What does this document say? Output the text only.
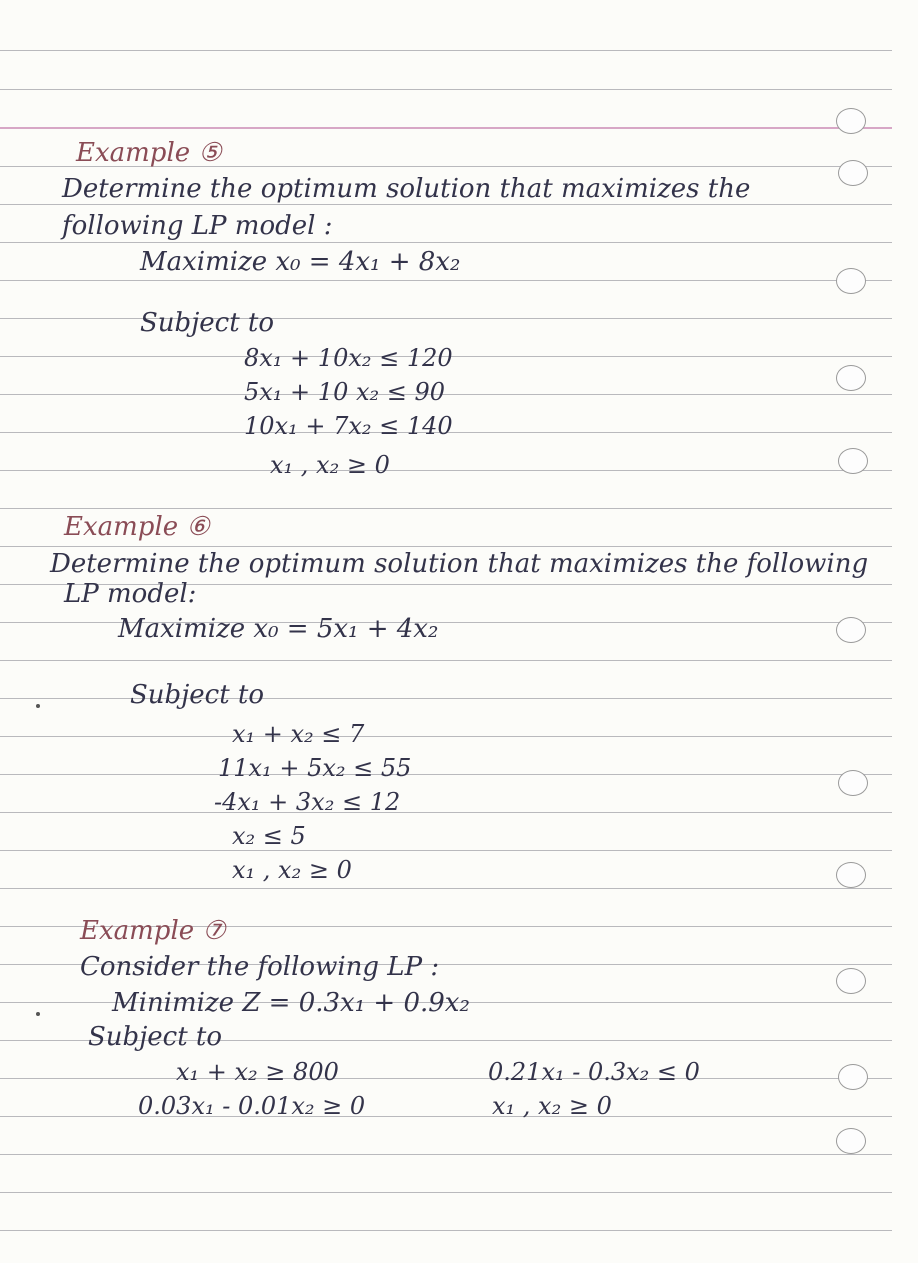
Example ⑤
Determine the optimum solution that maximizes the
following LP model :
Maximize x₀ = 4x₁ + 8x₂
Subject to
8x₁ + 10x₂ ≤ 120
5x₁ + 10 x₂ ≤ 90
10x₁ + 7x₂ ≤ 140
x₁ , x₂ ≥ 0
Example ⑥
Determine the optimum solution that maximizes the following
LP model:
Maximize x₀ = 5x₁ + 4x₂
Subject to
x₁ + x₂ ≤ 7
11x₁ + 5x₂ ≤ 55
-4x₁ + 3x₂ ≤ 12
x₂ ≤ 5
x₁ , x₂ ≥ 0
Example ⑦
Consider the following LP :
Minimize Z = 0.3x₁ + 0.9x₂
Subject to
x₁ + x₂ ≥ 800
0.03x₁ - 0.01x₂ ≥ 0
0.21x₁ - 0.3x₂ ≤ 0
x₁ , x₂ ≥ 0
